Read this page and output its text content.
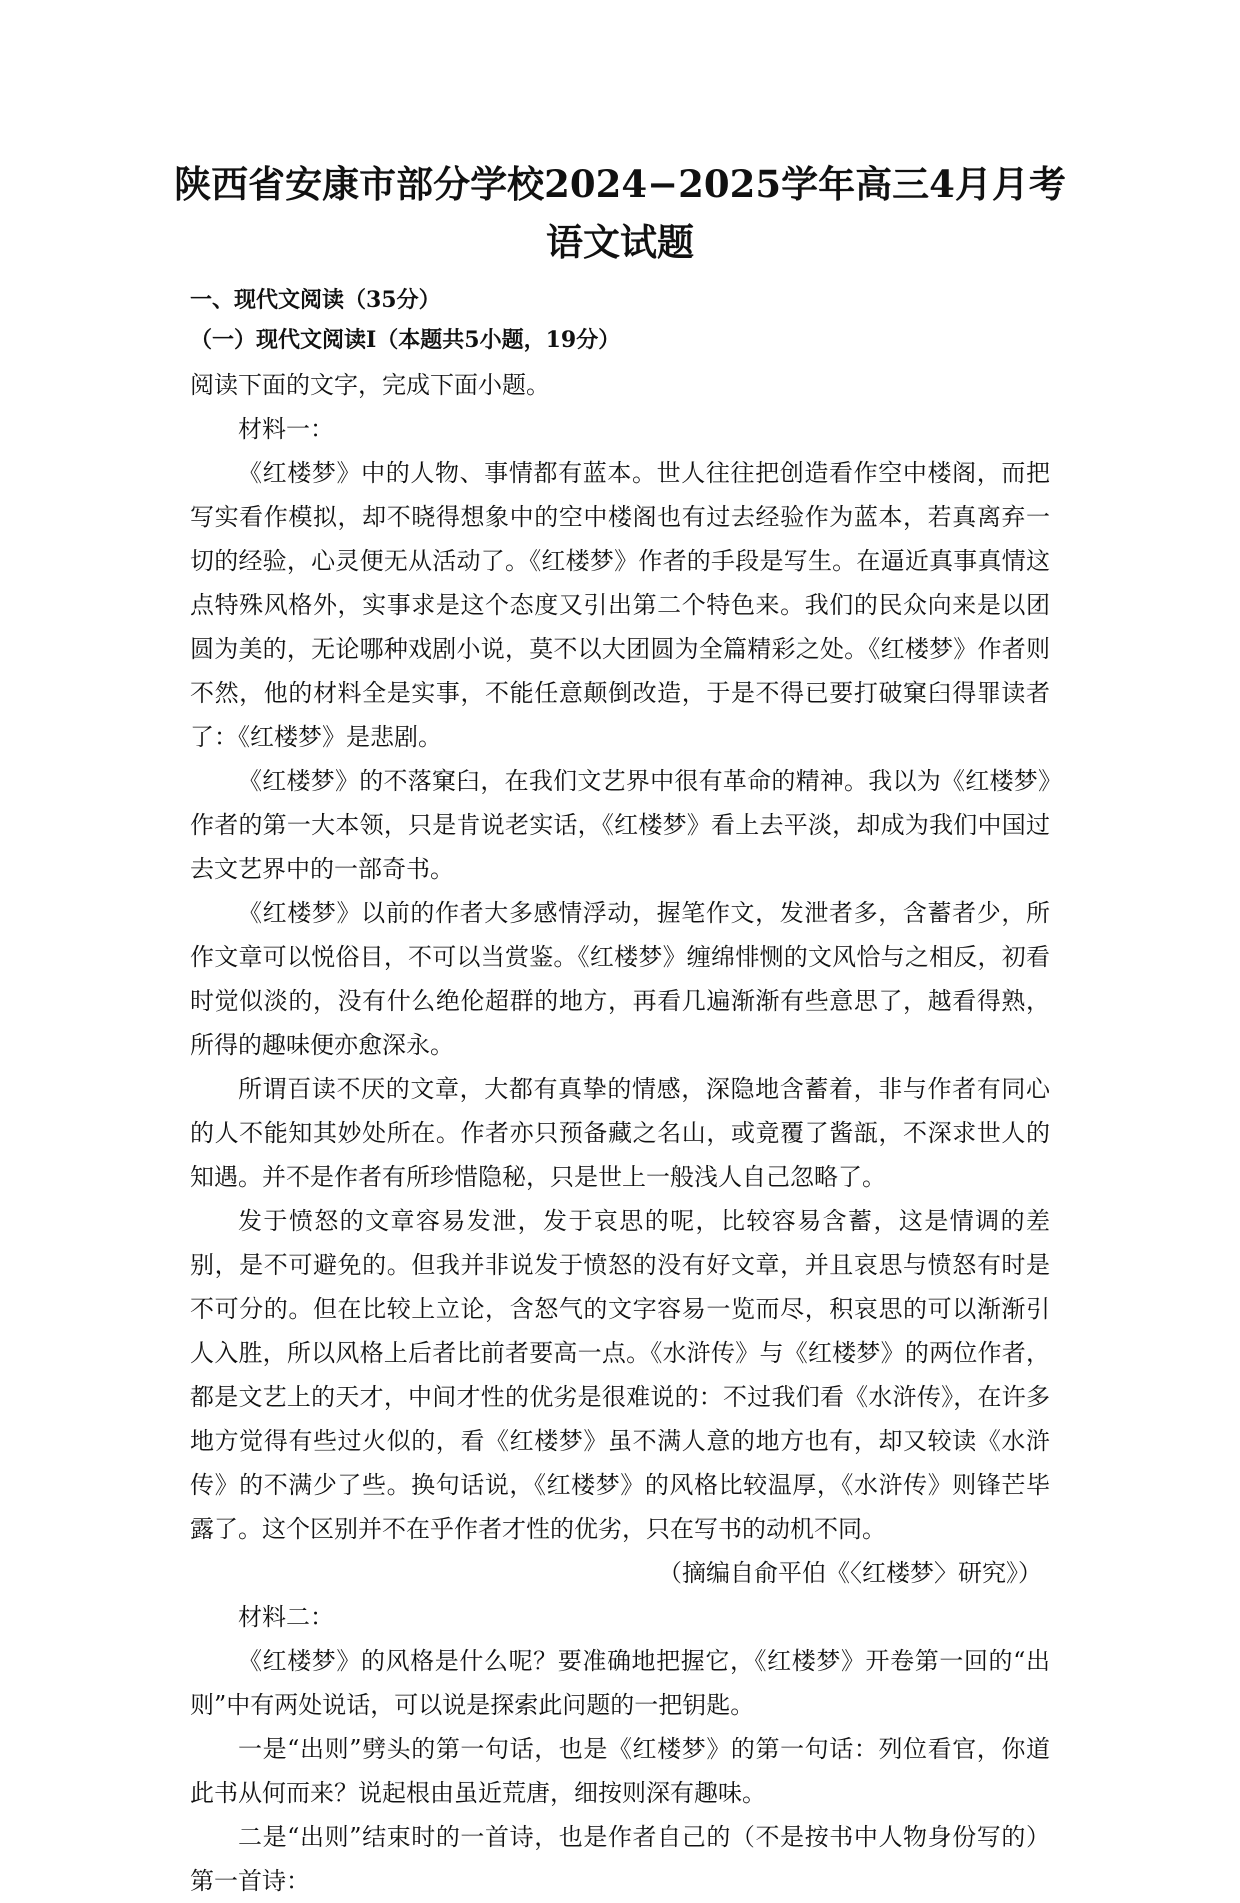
陕西省安康市部分学校2024−2025学年高三4月月考
语文试题
一、现代文阅读（35分）
（一）现代文阅读Ⅰ（本题共5小题，19分）

阅读下面的文字，完成下面小题。

材料一：

《红楼梦》中的人物、事情都有蓝本。世人往往把创造看作空中楼阁，而把写实看作模拟，却不晓得想象中的空中楼阁也有过去经验作为蓝本，若真离弃一切的经验，心灵便无从活动了。《红楼梦》作者的手段是写生。在逼近真事真情这点特殊风格外，实事求是这个态度又引出第二个特色来。我们的民众向来是以团圆为美的，无论哪种戏剧小说，莫不以大团圆为全篇精彩之处。《红楼梦》作者则不然，他的材料全是实事，不能任意颠倒改造，于是不得已要打破窠臼得罪读者了：《红楼梦》是悲剧。

《红楼梦》的不落窠臼，在我们文艺界中很有革命的精神。我以为《红楼梦》作者的第一大本领，只是肯说老实话，《红楼梦》看上去平淡，却成为我们中国过去文艺界中的一部奇书。

《红楼梦》以前的作者大多感情浮动，握笔作文，发泄者多，含蓄者少，所作文章可以悦俗目，不可以当赏鉴。《红楼梦》缠绵悱恻的文风恰与之相反，初看时觉似淡的，没有什么绝伦超群的地方，再看几遍渐渐有些意思了，越看得熟，所得的趣味便亦愈深永。

所谓百读不厌的文章，大都有真挚的情感，深隐地含蓄着，非与作者有同心的人不能知其妙处所在。作者亦只预备藏之名山，或竟覆了酱瓿，不深求世人的知遇。并不是作者有所珍惜隐秘，只是世上一般浅人自己忽略了。

发于愤怒的文章容易发泄，发于哀思的呢，比较容易含蓄，这是情调的差别，是不可避免的。但我并非说发于愤怒的没有好文章，并且哀思与愤怒有时是不可分的。但在比较上立论，含怒气的文字容易一览而尽，积哀思的可以渐渐引人入胜，所以风格上后者比前者要高一点。《水浒传》与《红楼梦》的两位作者，都是文艺上的天才，中间才性的优劣是很难说的：不过我们看《水浒传》，在许多地方觉得有些过火似的，看《红楼梦》虽不满人意的地方也有，却又较读《水浒传》的不满少了些。换句话说，《红楼梦》的风格比较温厚，《水浒传》则锋芒毕露了。这个区别并不在乎作者才性的优劣，只在写书的动机不同。

（摘编自俞平伯《〈红楼梦〉研究》）

材料二：

《红楼梦》的风格是什么呢？要准确地把握它，《红楼梦》开卷第一回的“出则”中有两处说话，可以说是探索此问题的一把钥匙。

一是“出则”劈头的第一句话，也是《红楼梦》的第一句话：列位看官，你道此书从何而来？说起根由虽近荒唐，细按则深有趣味。

二是“出则”结束时的一首诗，也是作者自己的（不是按书中人物身份写的）第一首诗：
